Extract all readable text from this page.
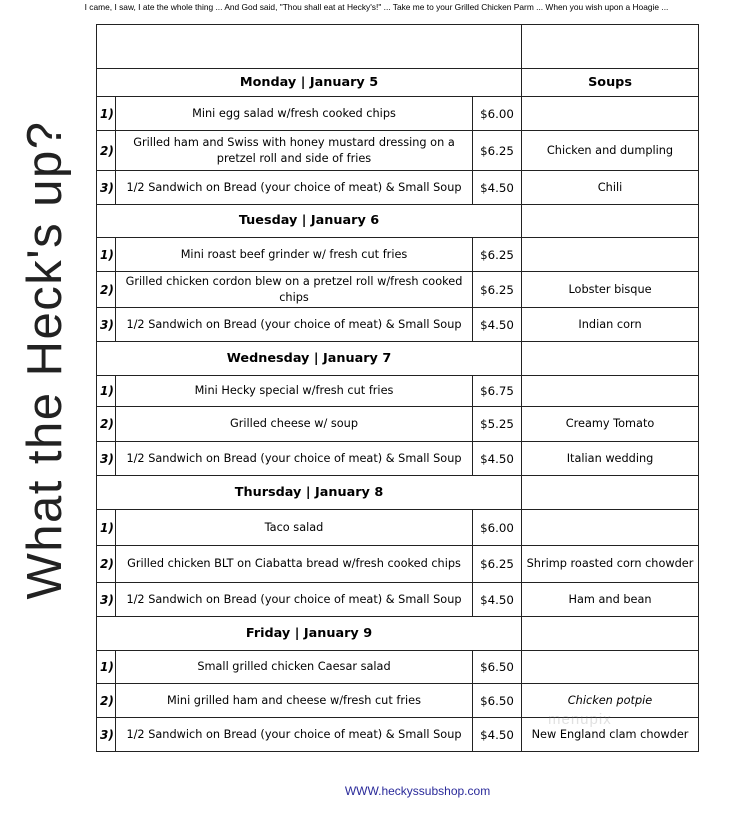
I came, I saw, I ate the whole thing ... And God said, "Thou shall eat at Hecky's!" ... Take me to your Grilled Chicken Parm ... When you wish upon a Hoagie ...
What the Heck's up?

Monday | January 5			Soups
1)	Mini egg salad w/fresh cooked chips	$6.00	
2)	Grilled ham and Swiss with honey mustard dressing on a pretzel roll and side of fries	$6.25	Chicken and dumpling
3)	1/2 Sandwich on Bread (your choice of meat) & Small Soup	$4.50	Chili
Tuesday | January 6			
1)	Mini roast beef grinder w/ fresh cut fries	$6.25	
2)	Grilled chicken cordon blew on a pretzel roll w/fresh cooked chips	$6.25	Lobster bisque
3)	1/2 Sandwich on Bread (your choice of meat) & Small Soup	$4.50	Indian corn
Wednesday | January 7			
1)	Mini Hecky special w/fresh cut fries	$6.75	
2)	Grilled cheese w/ soup	$5.25	Creamy Tomato
3)	1/2 Sandwich on Bread (your choice of meat) & Small Soup	$4.50	Italian wedding
Thursday | January 8			
1)	Taco salad	$6.00	
2)	Grilled chicken BLT on Ciabatta bread w/fresh cooked chips	$6.25	Shrimp roasted corn chowder
3)	1/2 Sandwich on Bread (your choice of meat) & Small Soup	$4.50	Ham and bean
Friday | January 9			
1)	Small grilled chicken Caesar salad	$6.50	
2)	Mini grilled ham and cheese w/fresh cut fries	$6.50	Chicken potpie
3)	1/2 Sandwich on Bread (your choice of meat) & Small Soup	$4.50	New England clam chowder
menupix
WWW.heckyssubshop.com
